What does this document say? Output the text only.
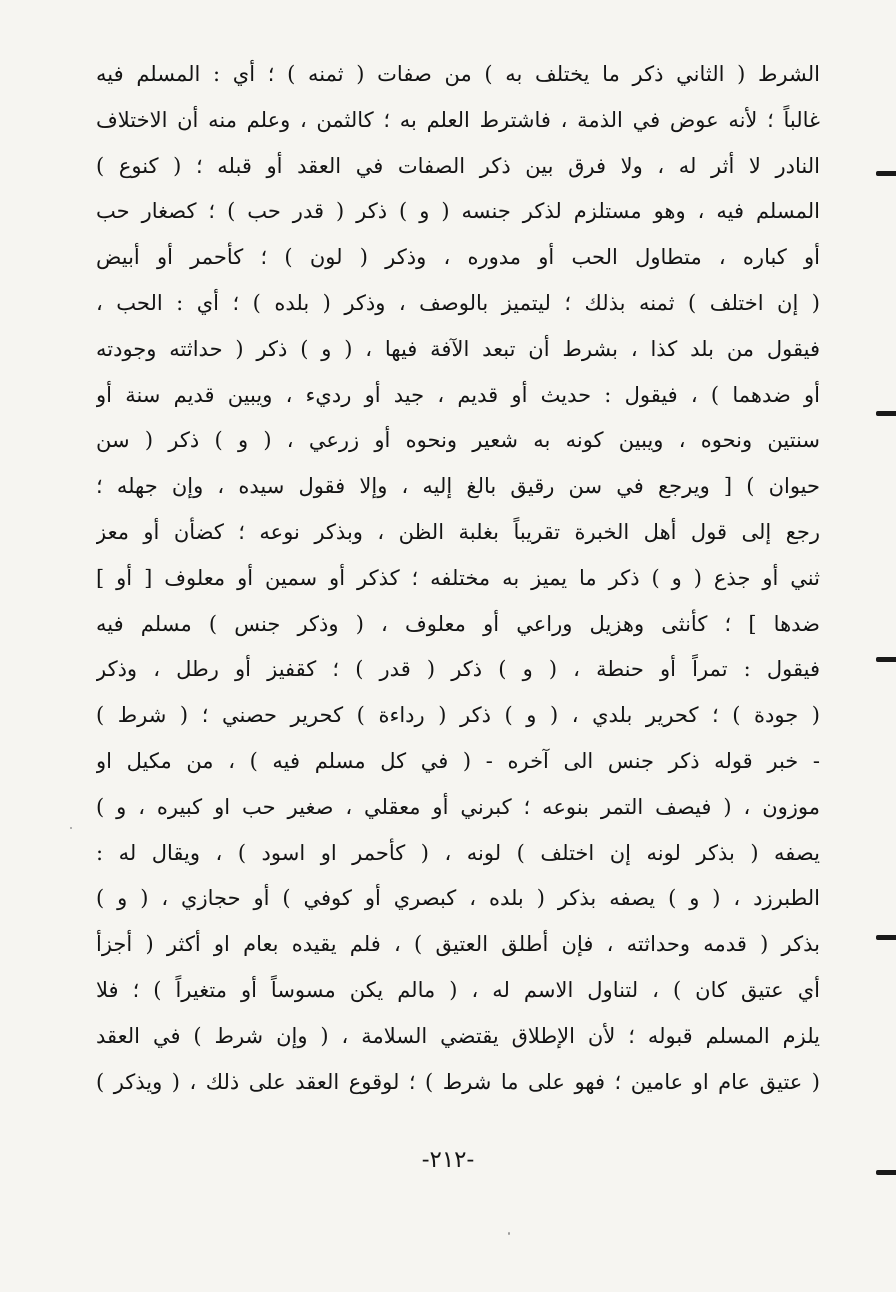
الشرط ( الثاني ذكر ما يختلف به ) من صفات ( ثمنه ) ؛ أي : المسلم فيه
غالباً ؛ لأنه عوض في الذمة ، فاشترط العلم به ؛ كالثمن ، وعلم منه أن الاختلاف
النادر لا أثر له ، ولا فرق بين ذكر الصفات في العقد أو قبله ؛ ( كنوع )
المسلم فيه ، وهو مستلزم لذكر جنسه ( و ) ذكر ( قدر حب ) ؛ كصغار حب
أو كباره ، متطاول الحب أو مدوره ، وذكر ( لون ) ؛ كأحمر أو أبيض
( إن اختلف ) ثمنه بذلك ؛ ليتميز بالوصف ، وذكر ( بلده ) ؛ أي : الحب ،
فيقول من بلد كذا ، بشرط أن تبعد الآفة فيها ، ( و ) ذكر ( حداثته وجودته
أو ضدهما ) ، فيقول : حديث أو قديم ، جيد أو رديء ، ويبين قديم سنة أو
سنتين ونحوه ، ويبين كونه به شعير ونحوه أو زرعي ، ( و ) ذكر ( سن
حيوان ) [ ويرجع في سن رقيق بالغ إليه ، وإلا فقول سيده ، وإن جهله ؛
رجع إلى قول أهل الخبرة تقريباً بغلبة الظن ، وبذكر نوعه ؛ كضأن أو معز
ثني أو جذع ( و ) ذكر ما يميز به مختلفه ؛ كذكر أو سمين أو معلوف [ أو ]
ضدها ] ؛ كأنثى وهزيل وراعي أو معلوف ، ( وذكر جنس ) مسلم فيه
فيقول : تمراً أو حنطة ، ( و ) ذكر ( قدر ) ؛ كقفيز أو رطل ، وذكر
( جودة ) ؛ كحرير بلدي ، ( و ) ذكر ( رداءة ) كحرير حصني ؛ ( شرط )
- خبر قوله ذكر جنس الى آخره - ( في كل مسلم فيه ) ، من مكيل او
موزون ، ( فيصف التمر بنوعه ؛ كبرني أو معقلي ، صغير حب او كبيره ، و )
يصفه ( بذكر لونه إن اختلف ) لونه ، ( كأحمر او اسود ) ، ويقال له :
الطبرزد ، ( و ) يصفه بذكر ( بلده ، كبصري أو كوفي ) أو حجازي ، ( و )
بذكر ( قدمه وحداثته ، فإن أطلق العتيق ) ، فلم يقيده بعام او أكثر ( أجزأ
أي عتيق كان ) ، لتناول الاسم له ، ( مالم يكن مسوساً أو متغيراً ) ؛ فلا
يلزم المسلم قبوله ؛ لأن الإطلاق يقتضي السلامة ، ( وإن شرط ) في العقد
( عتيق عام او عامين ؛ فهو على ما شرط ) ؛ لوقوع العقد على ذلك ، ( ويذكر )
-٢١٢-
